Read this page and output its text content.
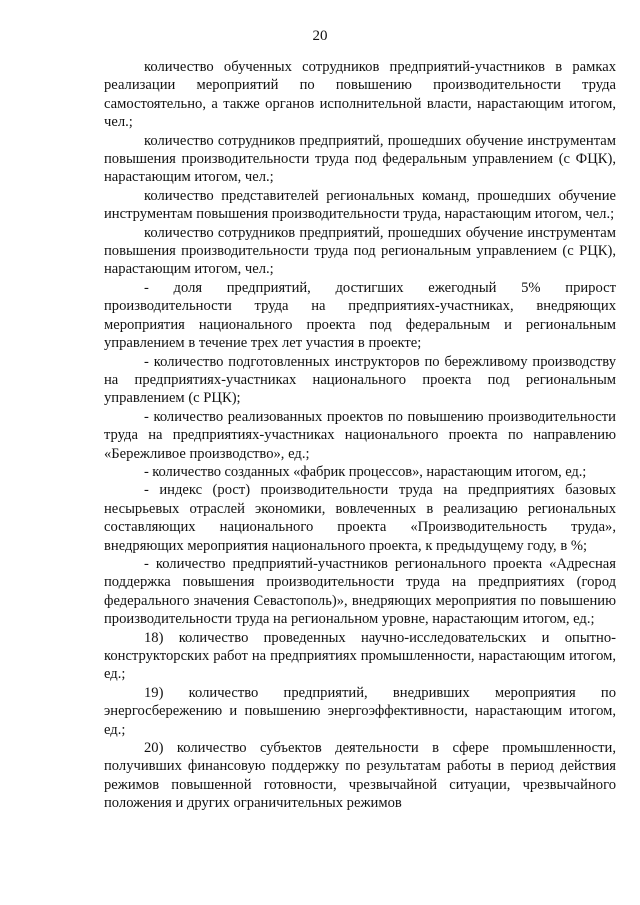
20

количество обученных сотрудников предприятий-участников в рамках реализации мероприятий по повышению производительности труда самостоятельно, а также органов исполнительной власти, нарастающим итогом, чел.;

количество сотрудников предприятий, прошедших обучение инструментам повышения производительности труда под федеральным управлением (с ФЦК), нарастающим итогом, чел.;

количество представителей региональных команд, прошедших обучение инструментам повышения производительности труда, нарастающим итогом, чел.;

количество сотрудников предприятий, прошедших обучение инструментам повышения производительности труда под региональным управлением (с РЦК), нарастающим итогом, чел.;

- доля предприятий, достигших ежегодный 5% прирост производительности труда на предприятиях-участниках, внедряющих мероприятия национального проекта под федеральным и региональным управлением в течение трех лет участия в проекте;

- количество подготовленных инструкторов по бережливому производству на предприятиях-участниках национального проекта под региональным управлением (с РЦК);

- количество реализованных проектов по повышению производительности труда на предприятиях-участниках национального проекта по направлению «Бережливое производство», ед.;

- количество созданных «фабрик процессов», нарастающим итогом, ед.;

- индекс (рост) производительности труда на предприятиях базовых несырьевых отраслей экономики, вовлеченных в реализацию региональных составляющих национального проекта «Производительность труда», внедряющих мероприятия национального проекта, к предыдущему году, в %;

- количество предприятий-участников регионального проекта «Адресная поддержка повышения производительности труда на предприятиях (город федерального значения Севастополь)», внедряющих мероприятия по повышению производительности труда на региональном уровне, нарастающим итогом, ед.;

18) количество проведенных научно-исследовательских и опытно-конструкторских работ на предприятиях промышленности, нарастающим итогом, ед.;

19) количество предприятий, внедривших мероприятия по энергосбережению и повышению энергоэффективности, нарастающим итогом, ед.;

20) количество субъектов деятельности в сфере промышленности, получивших финансовую поддержку по результатам работы в период действия режимов повышенной готовности, чрезвычайной ситуации, чрезвычайного положения и других ограничительных режимов
